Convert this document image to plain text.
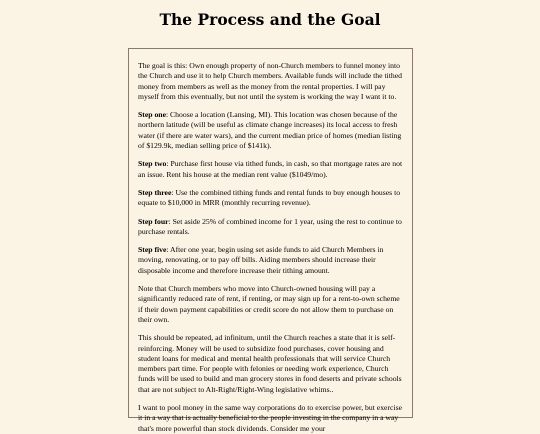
The Process and the Goal

The goal is this: Own enough property of non-Church members to funnel money into the Church and use it to help Church members. Available funds will include the tithed money from members as well as the money from the rental properties. I will pay myself from this eventually, but not until the system is working the way I want it to.

Step one: Choose a location (Lansing, MI). This location was chosen because of the northern latitude (will be useful as climate change increases) its local access to fresh water (if there are water wars), and the current median price of homes (median listing of $129.9k, median selling price of $141k).

Step two: Purchase first house via tithed funds, in cash, so that mortgage rates are not an issue. Rent his house at the median rent value ($1049/mo).

Step three: Use the combined tithing funds and rental funds to buy enough houses to equate to $10,000 in MRR (monthly recurring revenue).

Step four: Set aside 25% of combined income for 1 year, using the rest to continue to purchase rentals.

Step five: After one year, begin using set aside funds to aid Church Members in moving, renovating, or to pay off bills. Aiding members should increase their disposable income and therefore increase their tithing amount.

Note that Church members who move into Church-owned housing will pay a significantly reduced rate of rent, if renting, or may sign up for a rent-to-own scheme if their down payment capabilities or credit score do not allow them to purchase on their own.

This should be repeated, ad infinitum, until the Church reaches a state that it is self-reinforcing. Money will be used to subsidize food purchases, cover housing and student loans for medical and mental health professionals that will service Church members part time. For people with felonies or needing work experience, Church funds will be used to build and man grocery stores in food deserts and private schools that are not subject to Alt-Right/Right-Wing legislative whims..

I want to pool money in the same way corporations do to exercise power, but exercise it in a way that is actually beneficial to the people investing in the company in a way that's more powerful than stock dividends. Consider me your
